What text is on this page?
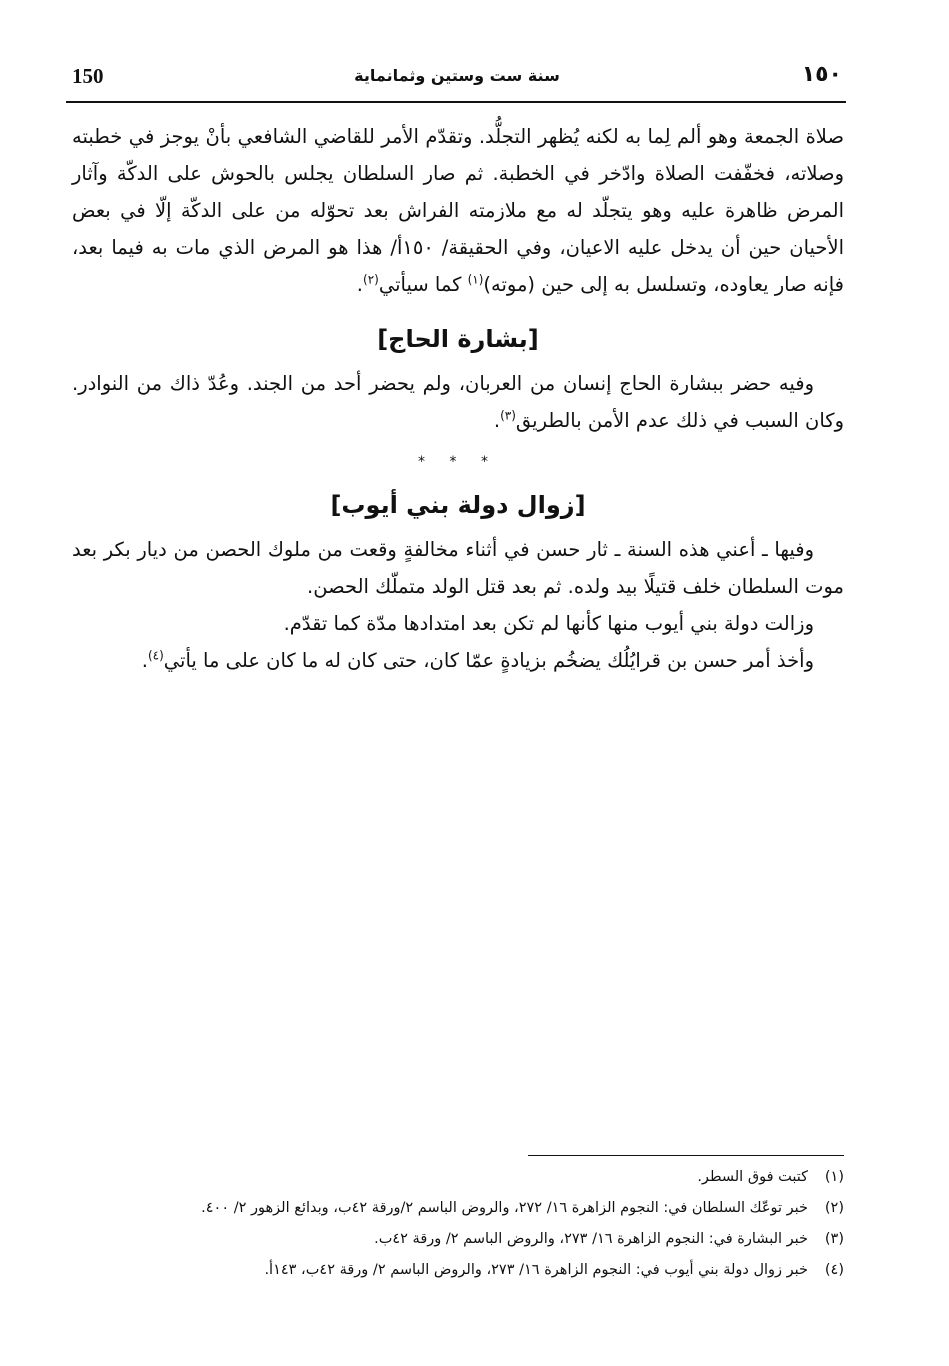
150	سنة ست وستين وثمانماية	١٥٠

صلاة الجمعة وهو ألم لِما به لكنه يُظهر التجلُّد. وتقدّم الأمر للقاضي الشافعي بأنْ يوجز في خطبته وصلاته، فخفّفت الصلاة وادّخر في الخطبة. ثم صار السلطان يجلس بالحوش على الدكّة وآثار المرض ظاهرة عليه وهو يتجلّد له مع ملازمته الفراش بعد تحوّله من على الدكّة إلّا في بعض الأحيان حين أن يدخل عليه الاعيان، وفي الحقيقة/ ١٥٠أ/ هذا هو المرض الذي مات به فيما بعد، فإنه صار يعاوده، وتسلسل به إلى حين (موته)$^{(١)}$ كما سيأتي$^{(٢)}$.

[بشارة الحاج]

وفيه حضر ببشارة الحاج إنسان من العربان، ولم يحضر أحد من الجند. وعُدّ ذاك من النوادر. وكان السبب في ذلك عدم الأمن بالطريق$^{(٣)}$.

* * *

[زوال دولة بني أيوب]

وفيها ـ أعني هذه السنة ـ ثار حسن في أثناء مخالفةٍ وقعت من ملوك الحصن من ديار بكر بعد موت السلطان خلف قتيلًا بيد ولده. ثم بعد قتل الولد متملّك الحصن.

وزالت دولة بني أيوب منها كأنها لم تكن بعد امتدادها مدّة كما تقدّم.

وأخذ أمر حسن بن قرايُلُك يضخُم بزيادةٍ عمّا كان، حتى كان له ما كان على ما يأتي$^{(٤)}$.

(١)
كتبت فوق السطر.
(٢)
خبر توعّك السلطان في: النجوم الزاهرة ١٦/ ٢٧٢، والروض الباسم ٢/ورقة ٤٢ب، وبدائع الزهور ٢/ ٤٠٠.
(٣)
خبر البشارة في: النجوم الزاهرة ١٦/ ٢٧٣، والروض الباسم ٢/ ورقة ٤٢ب.
(٤)
خبر زوال دولة بني أيوب في: النجوم الزاهرة ١٦/ ٢٧٣، والروض الباسم ٢/ ورقة ٤٢ب، ١٤٣أ.
